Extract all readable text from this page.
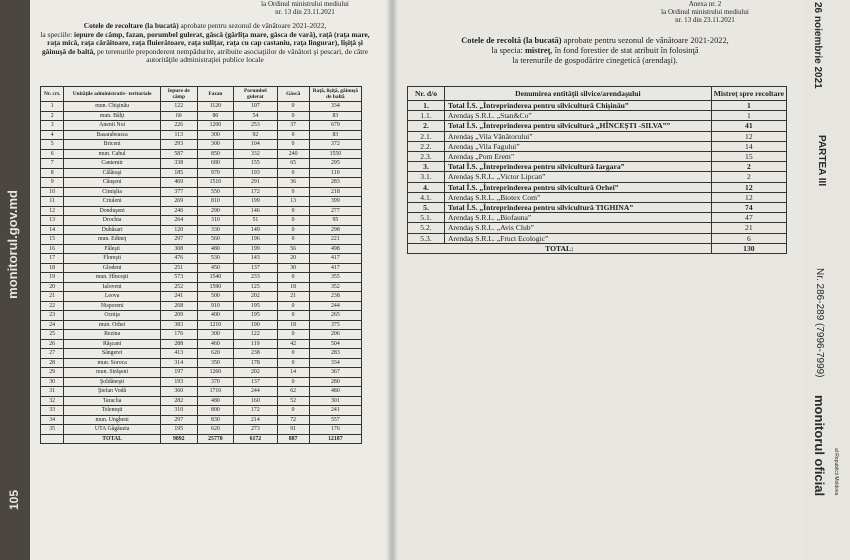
monitorul.gov.md
105
la Ordinul ministrului mediului
nr. 13 din 23.11.2021
Cotele de recoltare (la bucată) aprobate pentru sezonul de vânătoare 2021-2022,
la speciile: iepure de câmp, fazan, porumbel gulerat, gâscă (gârliţa mare, gâsca de vară), raţă (raţa mare, raţa mică, raţa cărâitoare, raţa fluierătoare, raţa suliţar, raţa cu cap castaniu, raţa lingurar), lişiţă şi găinuşă de baltă, pe terenurile preponderent nempădurite, atribuite asociaţiilor de vânători şi pescari, de către autorităţile administraţiei publice locale
Nr. crt.	Unităţile administrativ- teritoriale	Iepure de câmp	Fazan	Porumbel gulerat	Gâscă	Raţă, lişiţă, găinuşă de baltă
1	mun. Chişinău	122	1120	107	0	334
2	mun. Bălţi	60	80	54	0	83
3	Anenii Noi	226	1200	253	37	679
4	Basarabeasca	113	300	92	0	83
5	Briceni	293	300	104	0	372
6	mun. Cahul	587	850	332	240	1550
7	Cantemir	338	680	155	65	295
8	Călăraşi	185	970	193	0	110
9	Căuşeni	469	1510	291	36	283
10	Cimişlia	377	550	172	0	218
11	Criuleni	269	810	199	13	399
12	Donduşeni	246	290	146	0	277
13	Drochia	264	310	51	0	95
14	Dubăsari	120	330	149	0	298
15	mun. Edineţ	297	560	196	0	221
16	Făleşti	308	480	199	56	498
17	Floreşti	476	530	143	20	417
18	Glodeni	251	450	137	30	417
19	mun. Hînceşti	573	1540	233	0	355
20	Ialoveni	252	1590	125	18	352
21	Leova	241	500	202	21	238
22	Nisporeni	268	910	195	0	244
23	Ocniţa	209	400	195	0	265
24	mun. Orhei	383	1210	190	18	375
25	Rezina	176	300	122	0	206
26	Râşcani	288	460	119	42	504
27	Sângerei	413	620	238	0	283
28	mun. Soroca	314	350	178	0	334
29	mun. Străşeni	197	1260	202	14	367
30	Şoldăneşti	193	370	137	0	280
31	Ştefan Vodă	360	1710	244	62	480
32	Taraclia	282	480	160	52	301
33	Teleneşti	310	800	172	0	241
34	mun. Ungheni	297	830	214	72	557
35	UTA Găgăuzia	195	620	273	91	176
	TOTAL	9892	25770	6172	887	12187
Anexa nr. 2
la Ordinul ministrului mediului
nr. 13 din 23.11.2021
Cotele de recoltă (la bucată) aprobate pentru sezonul de vânătoare 2021-2022,
la specia: mistreţ, în fond forestier de stat atribuit în folosinţă
la terenurile de gospodărire cinegetică (arendaşi).
Nr. d/o	Denumirea entităţii silvice/arendaşului	Mistreţ spre recoltare
1.	Total Î.S. „Întreprinderea pentru silvicultură Chişinău”	1
1.1.	Arendaş S.R.L. „Stan&Co”	1
2.	Total Î.S. „Întreprinderea pentru silvicultură „HÎNCEŞTI -SILVA””	41
2.1.	Arendaş „Vila Vânătorului”	12
2.2.	Arendaş „Vila Fagului”	14
2.3.	Arendaş „Pom Erem”	15
3.	Total Î.S. „Întreprinderea pentru silvicultură Iargara”	2
3.1.	Arendaş S.R.L. „Victor Lipcan”	2
4.	Total Î.S. „Întreprinderea pentru silvicultură Orhei”	12
4.1.	Arendaş S.R.L. „Biotex Com”	12
5.	Total Î.S. „Întreprinderea pentru silvicultură TIGHINA”	74
5.1.	Arendaş S.R.L. „Biofauna”	47
5.2.	Arendaş S.R.L. „Avis Club”	21
5.3.	Arendaş S.R.L. „Fruct Ecologic”	6
TOTAL:		130
26 noiembrie 2021
PARTEA III
Nr. 286-289 (7996-7999)
monitorul oficial al Republicii Moldova
